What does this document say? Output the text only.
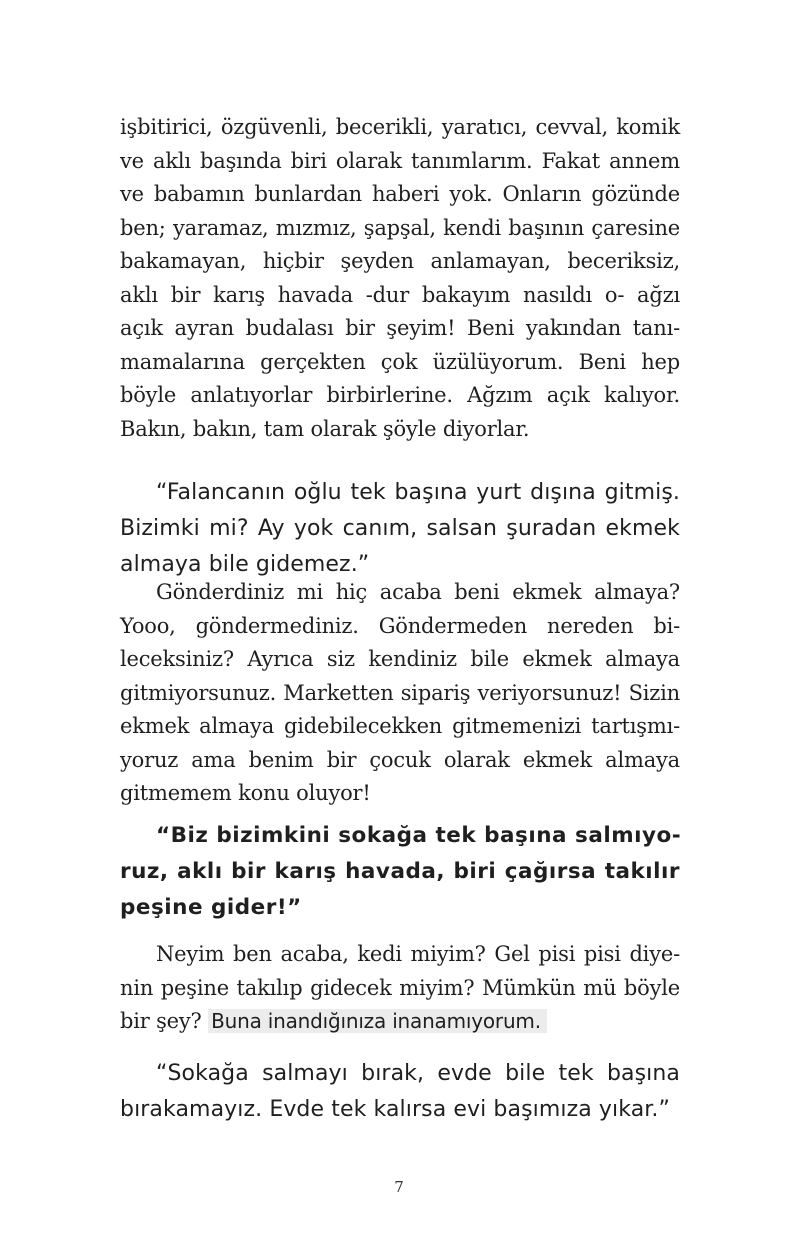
işbitirici, özgüvenli, becerikli, yaratıcı, cevval, komik
ve aklı başında biri olarak tanımlarım. Fakat annem
ve babamın bunlardan haberi yok. Onların gözünde
ben; yaramaz, mızmız, şapşal, kendi başının çaresine
bakamayan, hiçbir şeyden anlamayan, beceriksiz,
aklı bir karış havada -dur bakayım nasıldı o- ağzı
açık ayran budalası bir şeyim! Beni yakından tanı-
mamalarına gerçekten çok üzülüyorum. Beni hep
böyle anlatıyorlar birbirlerine. Ağzım açık kalıyor.
Bakın, bakın, tam olarak şöyle diyorlar.
“Falancanın oğlu tek başına yurt dışına gitmiş.
Bizimki mi? Ay yok canım, salsan şuradan ekmek
almaya bile gidemez.”
Gönderdiniz mi hiç acaba beni ekmek almaya?
Yooo, göndermediniz. Göndermeden nereden bi-
leceksiniz? Ayrıca siz kendiniz bile ekmek almaya
gitmiyorsunuz. Marketten sipariş veriyorsunuz! Sizin
ekmek almaya gidebilecekken gitmemenizi tartışmı-
yoruz ama benim bir çocuk olarak ekmek almaya
gitmemem konu oluyor!
“Biz bizimkini sokağa tek başına salmıyo-
ruz, aklı bir karış havada, biri çağırsa takılır
peşine gider!”
Neyim ben acaba, kedi miyim? Gel pisi pisi diye-
nin peşine takılıp gidecek miyim? Mümkün mü böyle
bir şey? Buna inandığınıza inanamıyorum.
“Sokağa salmayı bırak, evde bile tek başına
bırakamayız. Evde tek kalırsa evi başımıza yıkar.”
7
